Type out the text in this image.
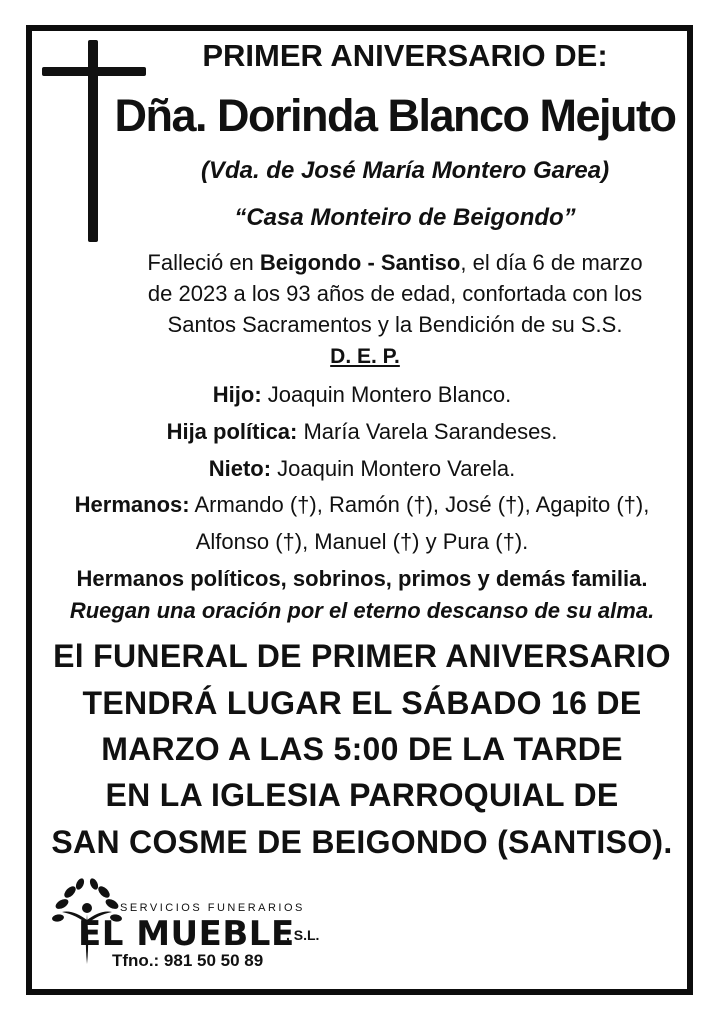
PRIMER ANIVERSARIO DE:
Dña. Dorinda Blanco Mejuto
(Vda. de José María Montero Garea)
“Casa Monteiro de Beigondo”
Falleció en Beigondo - Santiso, el día 6 de marzo
de 2023 a los 93 años de edad, confortada con los
Santos Sacramentos y la Bendición de su S.S.
D. E. P.
Hijo: Joaquin Montero Blanco.
Hija política: María Varela Sarandeses.
Nieto: Joaquin Montero Varela.
Hermanos: Armando (†), Ramón (†), José (†), Agapito (†),
Alfonso (†), Manuel (†) y Pura (†).
Hermanos políticos, sobrinos, primos y demás familia.
Ruegan una oración por el eterno descanso de su alma.
El FUNERAL DE PRIMER ANIVERSARIO
TENDRÁ LUGAR EL SÁBADO 16 DE
MARZO A LAS 5:00 DE LA TARDE
EN LA IGLESIA PARROQUIAL DE
SAN COSME DE BEIGONDO (SANTISO).
SERVICIOS FUNERARIOS
EL MUEBLE
, S.L.
Tfno.: 981 50 50 89
